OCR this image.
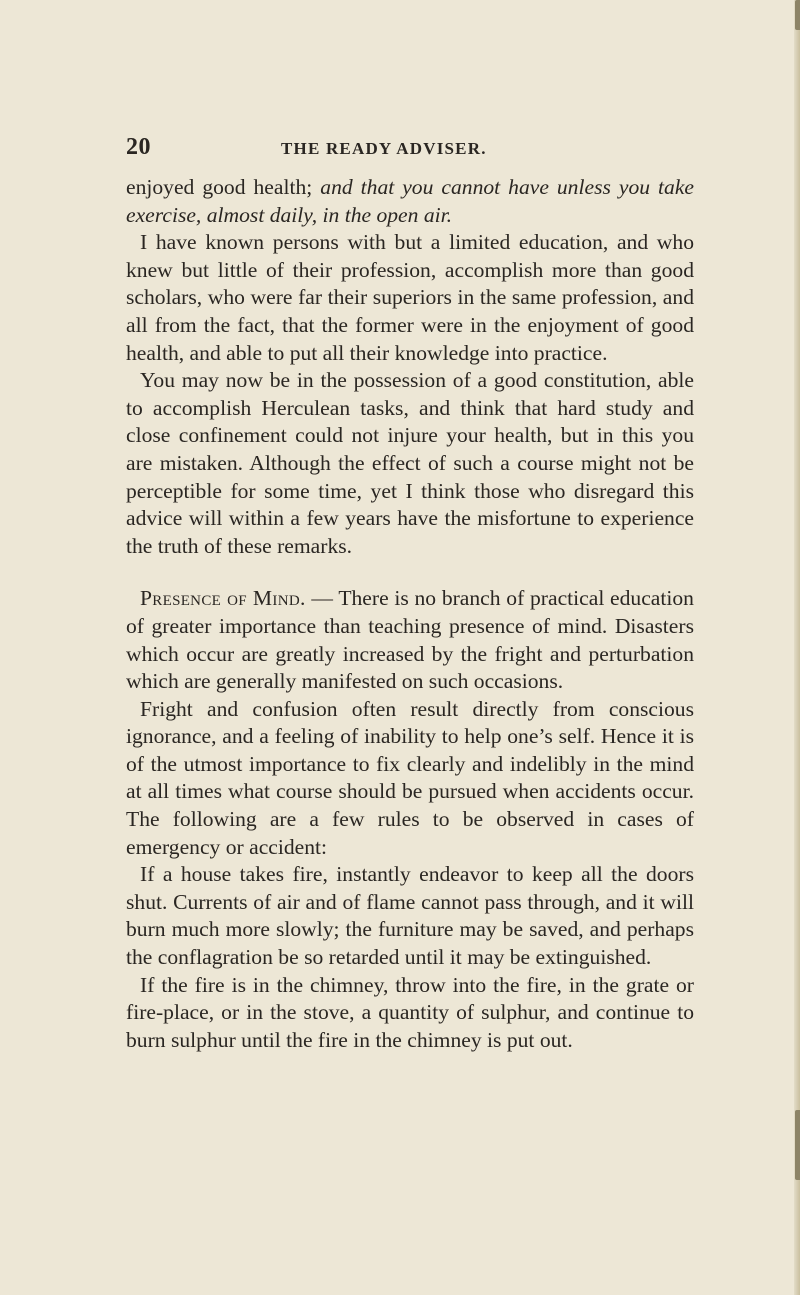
20	THE READY ADVISER.

enjoyed good health; and that you cannot have unless you take exercise, almost daily, in the open air.

I have known persons with but a limited education, and who knew but little of their profession, accomplish more than good scholars, who were far their superiors in the same profession, and all from the fact, that the former were in the enjoyment of good health, and able to put all their knowledge into practice.

You may now be in the possession of a good constitution, able to accomplish Herculean tasks, and think that hard study and close confinement could not injure your health, but in this you are mistaken. Although the effect of such a course might not be perceptible for some time, yet I think those who disregard this advice will within a few years have the misfortune to experience the truth of these remarks.

Presence of Mind. — There is no branch of practical education of greater importance than teaching presence of mind. Disasters which occur are greatly increased by the fright and perturbation which are generally manifested on such occasions.

Fright and confusion often result directly from conscious ignorance, and a feeling of inability to help one’s self. Hence it is of the utmost importance to fix clearly and indelibly in the mind at all times what course should be pursued when accidents occur. The following are a few rules to be observed in cases of emergency or accident:

If a house takes fire, instantly endeavor to keep all the doors shut. Currents of air and of flame cannot pass through, and it will burn much more slowly; the furniture may be saved, and perhaps the conflagration be so retarded until it may be extinguished.

If the fire is in the chimney, throw into the fire, in the grate or fire-place, or in the stove, a quantity of sulphur, and continue to burn sulphur until the fire in the chimney is put out.
